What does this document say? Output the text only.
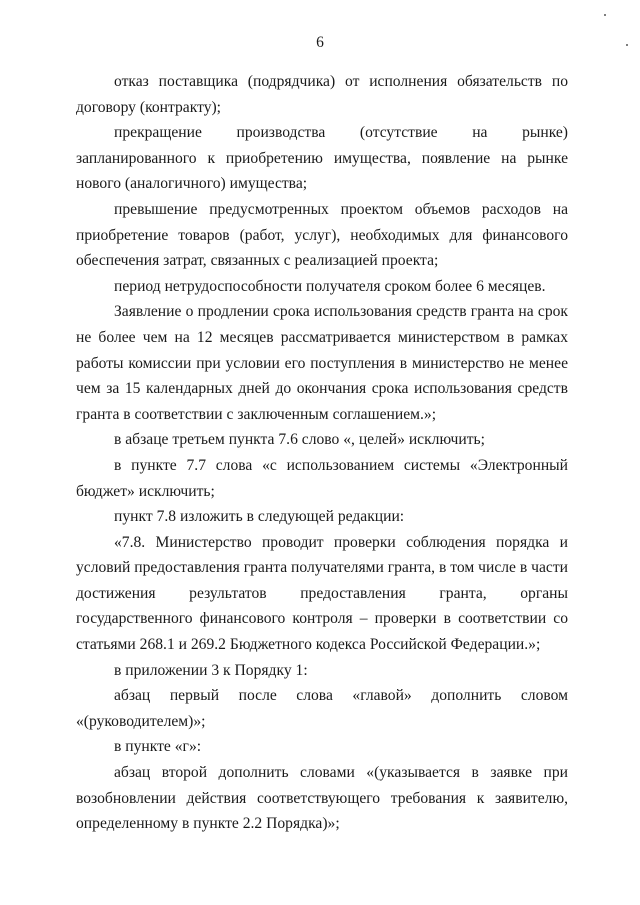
6

отказ поставщика (подрядчика) от исполнения обязательств по договору (контракту);

прекращение производства (отсутствие на рынке) запланированного к приобретению имущества, появление на рынке нового (аналогичного) имущества;

превышение предусмотренных проектом объемов расходов на приобретение товаров (работ, услуг), необходимых для финансового обеспечения затрат, связанных с реализацией проекта;

период нетрудоспособности получателя сроком более 6 месяцев.

Заявление о продлении срока использования средств гранта на срок не более чем на 12 месяцев рассматривается министерством в рамках работы комиссии при условии его поступления в министерство не менее чем за 15 календарных дней до окончания срока использования средств гранта в соответствии с заключенным соглашением.»;

в абзаце третьем пункта 7.6 слово «, целей» исключить;

в пункте 7.7 слова «с использованием системы «Электронный бюджет» исключить;

пункт 7.8 изложить в следующей редакции:

«7.8. Министерство проводит проверки соблюдения порядка и условий предоставления гранта получателями гранта, в том числе в части достижения результатов предоставления гранта, органы государственного финансового контроля – проверки в соответствии со статьями 268.1 и 269.2 Бюджетного кодекса Российской Федерации.»;

в приложении 3 к Порядку 1:

абзац первый после слова «главой» дополнить словом «(руководителем)»;

в пункте «г»:

абзац второй дополнить словами «(указывается в заявке при возобновлении действия соответствующего требования к заявителю, определенному в пункте 2.2 Порядка)»;
